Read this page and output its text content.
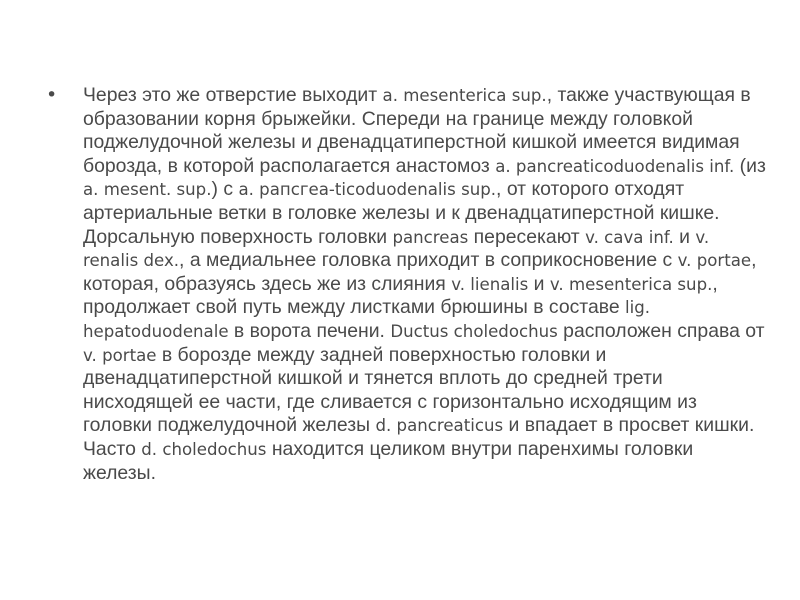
•	Через это же отверстие выходит a. mesenterica sup., также участвующая в образовании корня брыжейки. Спереди на границе между головкой поджелудочной железы и двенадцатиперстной кишкой имеется видимая борозда, в которой располагается анастомоз a. pancreaticoduodenalis inf. (из a. mesent. sup.) с a. рапсгеа-ticoduodenalis sup., от которого отходят артериальные ветки в головке железы и к двенадцатиперстной кишке. Дорсальную поверхность головки pancreas пересекают v. cava inf. и v. renalis dex., а медиальнее головка приходит в соприкосновение с v. portae, которая, образуясь здесь же из слияния v. lienalis и v. mesenterica sup., продолжает свой путь между листками брюшины в составе lig. hepatoduodenale в ворота печени. Ductus choledochus расположен справа от v. portae в борозде между задней поверхностью головки и двенадцатиперстной кишкой и тянется вплоть до средней трети нисходящей ее части, где сливается с горизонтально исходящим из головки поджелудочной железы d. pancreaticus и впадает в просвет кишки. Часто d. choledochus находится целиком внутри паренхимы головки железы.
